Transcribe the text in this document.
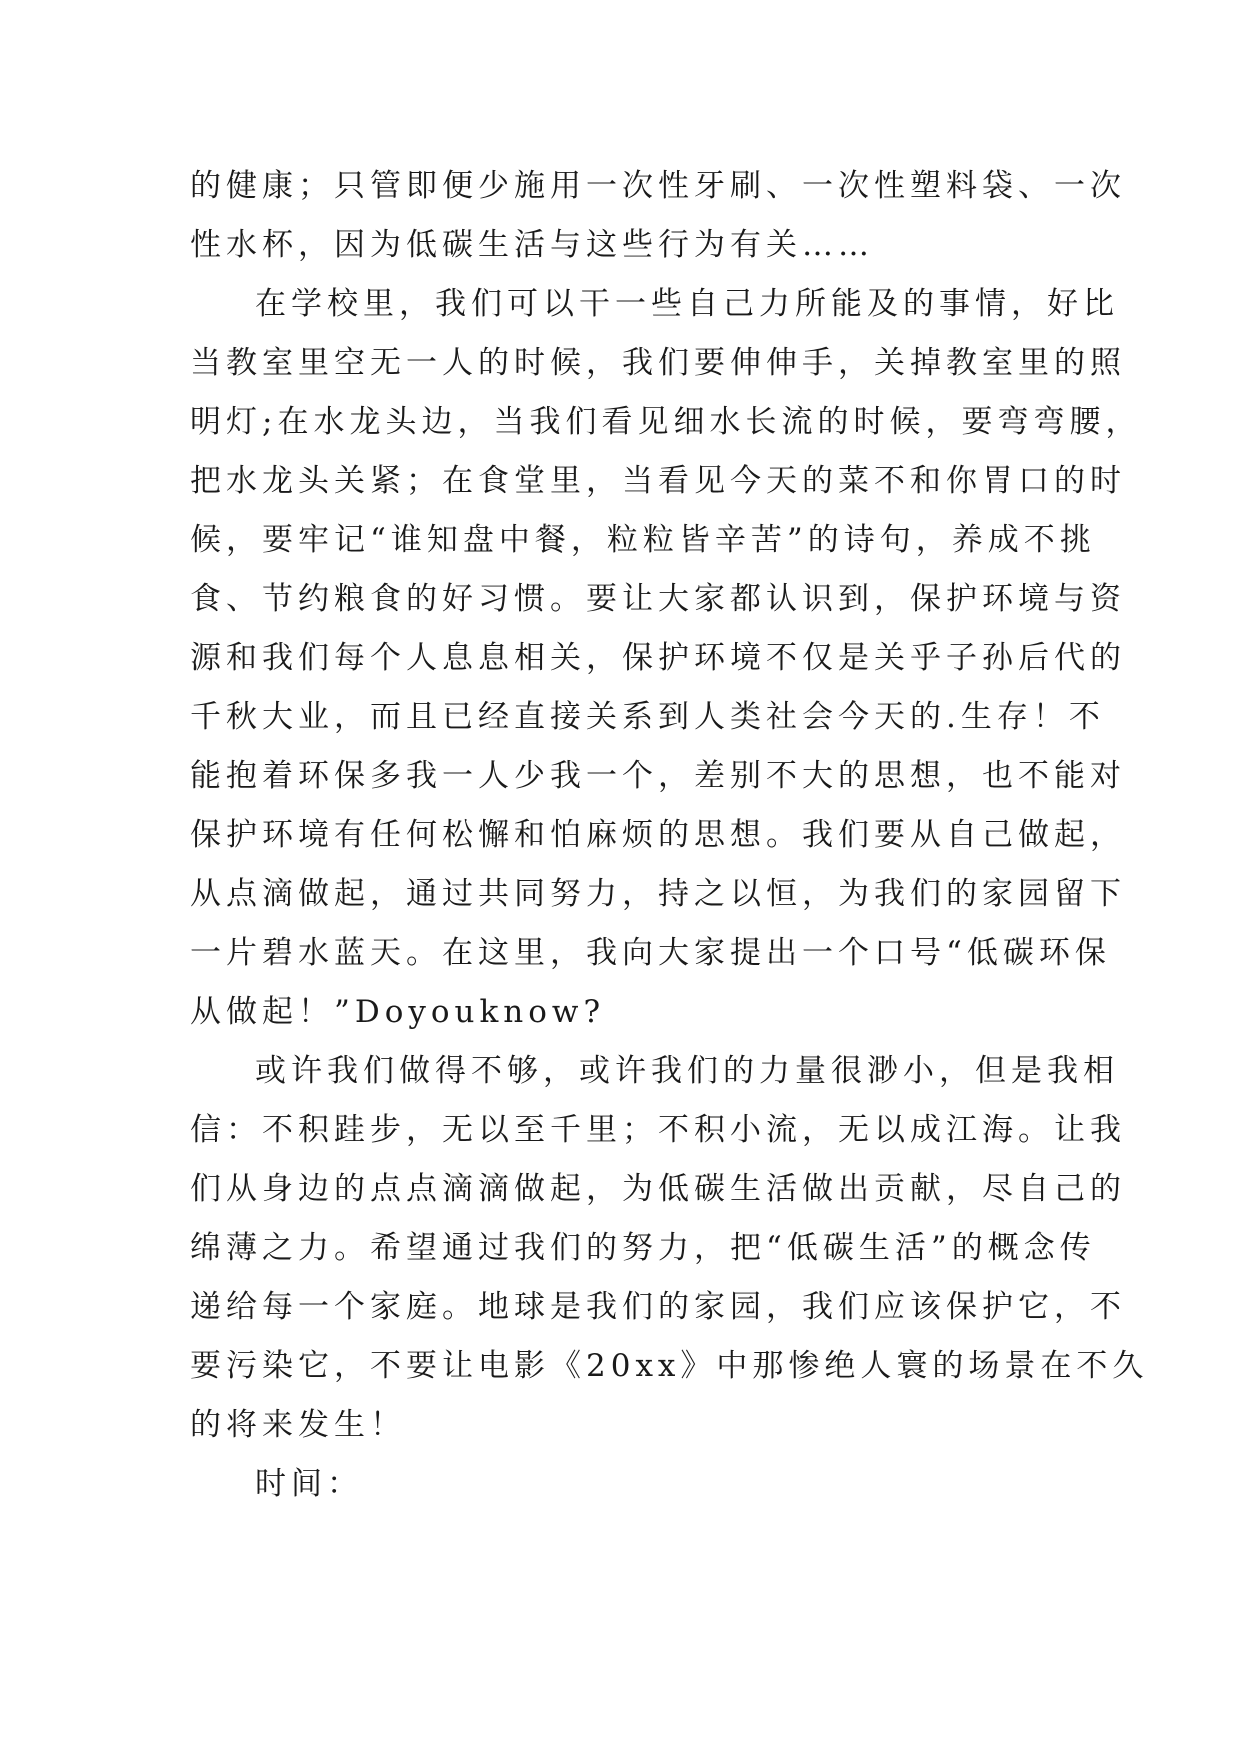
的健康；只管即便少施用一次性牙刷、一次性塑料袋、一次
性水杯，因为低碳生活与这些行为有关……
在学校里，我们可以干一些自己力所能及的事情，好比
当教室里空无一人的时候，我们要伸伸手，关掉教室里的照
明灯;在水龙头边，当我们看见细水长流的时候，要弯弯腰，
把水龙头关紧；在食堂里，当看见今天的菜不和你胃口的时
候，要牢记“谁知盘中餐，粒粒皆辛苦”的诗句，养成不挑
食、节约粮食的好习惯。要让大家都认识到，保护环境与资
源和我们每个人息息相关，保护环境不仅是关乎子孙后代的
千秋大业，而且已经直接关系到人类社会今天的.生存！不
能抱着环保多我一人少我一个，差别不大的思想，也不能对
保护环境有任何松懈和怕麻烦的思想。我们要从自己做起，
从点滴做起，通过共同努力，持之以恒，为我们的家园留下
一片碧水蓝天。在这里，我向大家提出一个口号“低碳环保
从做起！”Doyouknow?
或许我们做得不够，或许我们的力量很渺小，但是我相
信：不积跬步，无以至千里；不积小流，无以成江海。让我
们从身边的点点滴滴做起，为低碳生活做出贡献，尽自己的
绵薄之力。希望通过我们的努力，把“低碳生活”的概念传
递给每一个家庭。地球是我们的家园，我们应该保护它，不
要污染它，不要让电影《20xx》中那惨绝人寰的场景在不久
的将来发生！
时间：
